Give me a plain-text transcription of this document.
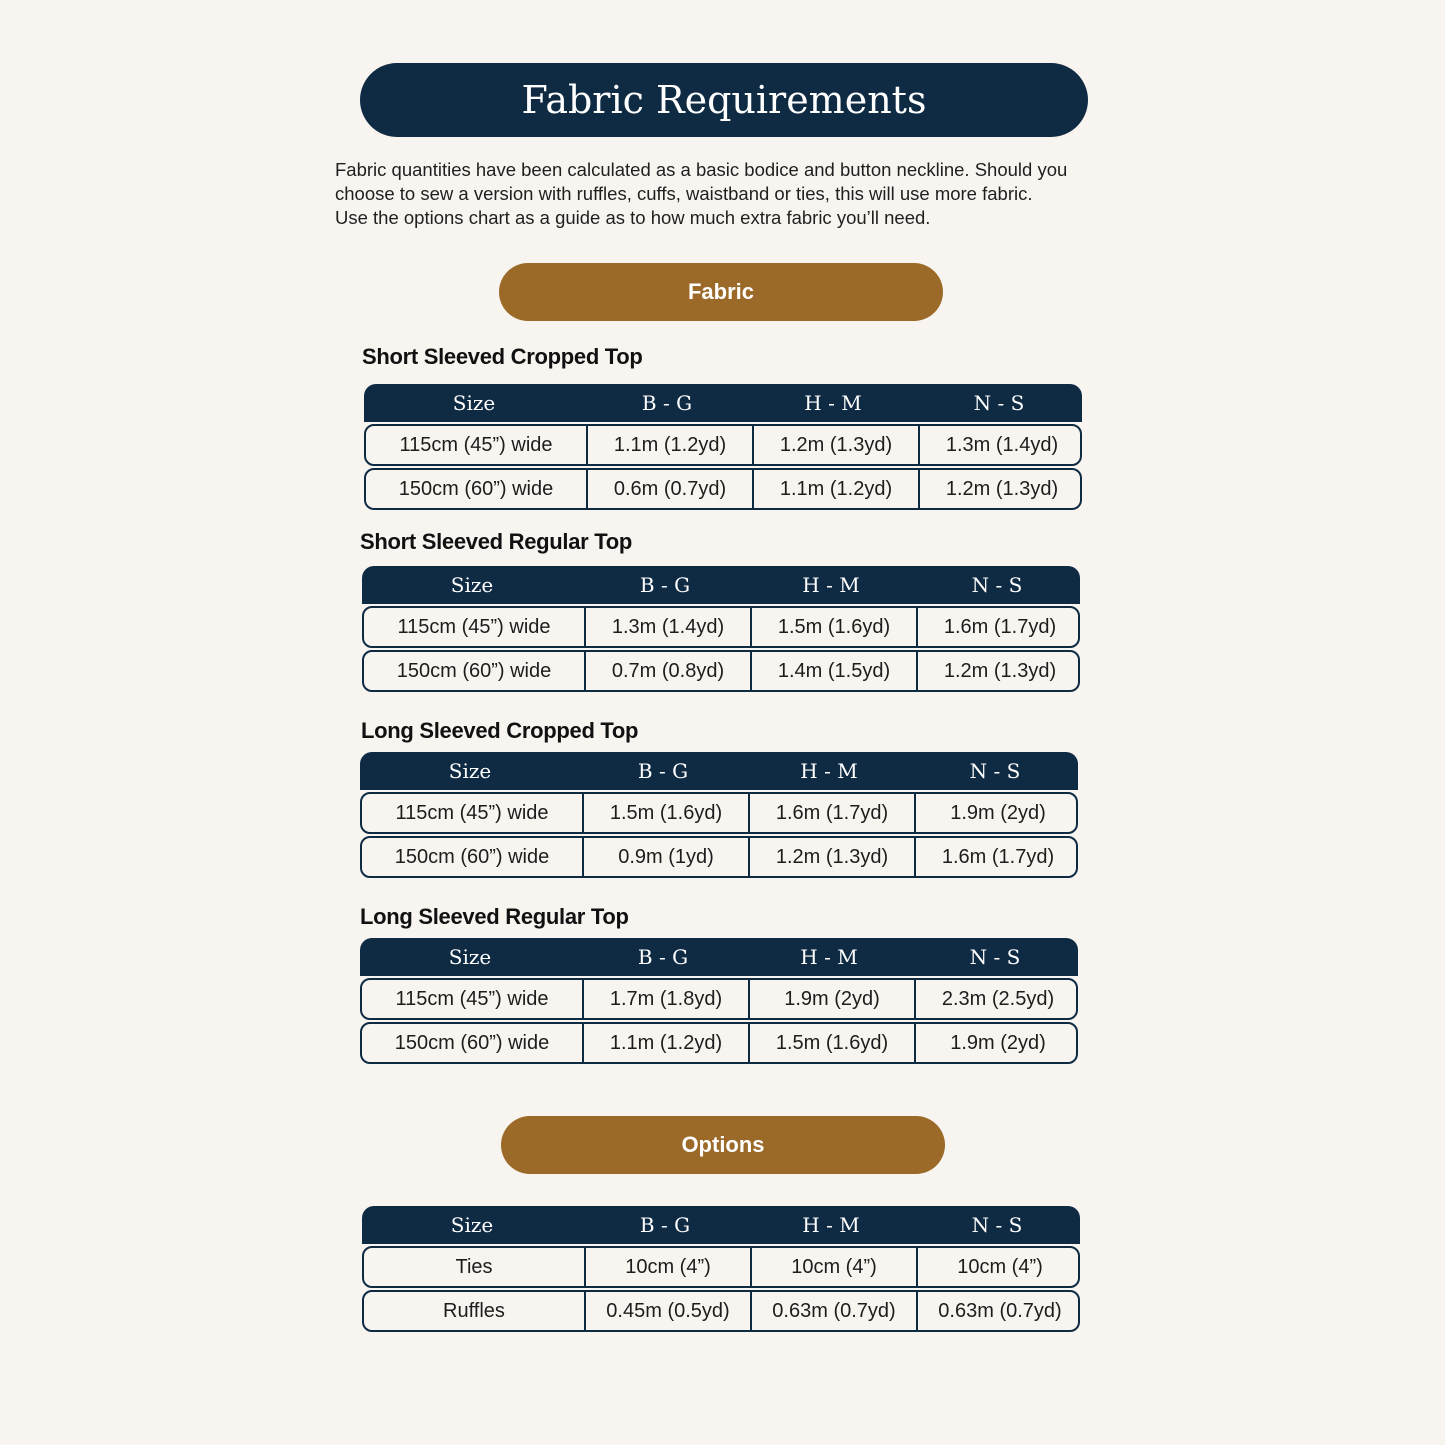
Fabric Requirements
Fabric quantities have been calculated as a basic bodice and button neckline. Should you
choose to sew a version with ruffles, cuffs, waistband or ties, this will use more fabric.
Use the options chart as a guide as to how much extra fabric you’ll need.
Fabric
Short Sleeved Cropped Top
Size	B - G	H - M	N - S
115cm (45”) wide	1.1m (1.2yd)	1.2m (1.3yd)	1.3m (1.4yd)
150cm (60”) wide	0.6m (0.7yd)	1.1m (1.2yd)	1.2m (1.3yd)
Short Sleeved Regular Top
Size	B - G	H - M	N - S
115cm (45”) wide	1.3m (1.4yd)	1.5m (1.6yd)	1.6m (1.7yd)
150cm (60”) wide	0.7m (0.8yd)	1.4m (1.5yd)	1.2m (1.3yd)
Long Sleeved Cropped Top
Size	B - G	H - M	N - S
115cm (45”) wide	1.5m (1.6yd)	1.6m (1.7yd)	1.9m (2yd)
150cm (60”) wide	0.9m (1yd)	1.2m (1.3yd)	1.6m (1.7yd)
Long Sleeved Regular Top
Size	B - G	H - M	N - S
115cm (45”) wide	1.7m (1.8yd)	1.9m (2yd)	2.3m (2.5yd)
150cm (60”) wide	1.1m (1.2yd)	1.5m (1.6yd)	1.9m (2yd)
Options
Size	B - G	H - M	N - S
Ties	10cm (4”)	10cm (4”)	10cm (4”)
Ruffles	0.45m (0.5yd)	0.63m (0.7yd)	0.63m (0.7yd)
